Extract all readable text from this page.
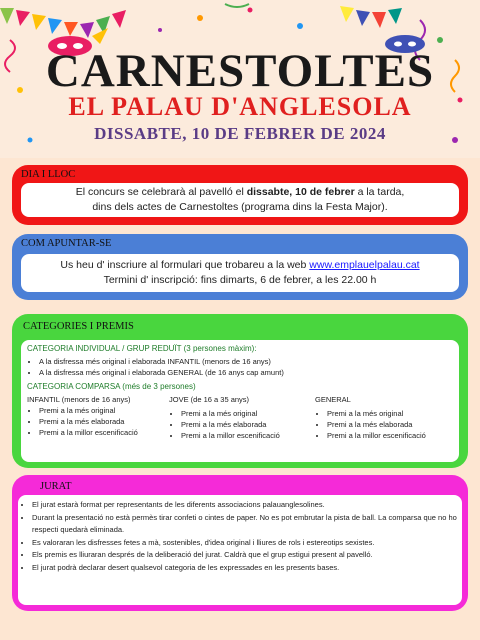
CARNESTOLTES
EL PALAU D'ANGLESOLA
DISSABTE, 10 DE FEBRER DE 2024
DIA I LLOC
El concurs se celebrarà al pavelló el dissabte, 10 de febrer a la tarda,
dins dels actes de Carnestoltes (programa dins la Festa Major).
COM APUNTAR-SE
Us heu d' inscriure al formulari que trobareu a la web www.emplauelpalau.cat
Termini d' inscripció: fins dimarts, 6 de febrer, a les 22.00 h
CATEGORIES I PREMIS
CATEGORIA INDIVIDUAL / GRUP REDUÏT (3 persones màxim):
• A la disfressa més original i elaborada INFANTIL (menors de 16 anys)
• A la disfressa més original i elaborada GENERAL (de 16 anys cap amunt)
CATEGORIA COMPARSA (més de 3 persones)
INFANTIL (menors de 16 anys)
• Premi a la més original
• Premi a la més elaborada
• Premi a la millor escenificació
JOVE (de 16 a 35 anys)
• Premi a la més original
• Premi a la més elaborada
• Premi a la millor escenificació
GENERAL
• Premi a la més original
• Premi a la més elaborada
• Premi a la millor escenificació
JURAT
• El jurat estarà format per representants de les diferents associacions palauanglesolines.
• Durant la presentació no està permès tirar confeti o cintes de paper. No es pot embrutar la pista de ball. La comparsa que no ho respecti quedarà eliminada.
• Es valoraran les disfresses fetes a mà, sostenibles, d'idea original i lliures de rols i estereotips sexistes.
• Els premis es lliuraran després de la deliberació del jurat. Caldrà que el grup estigui present al pavelló.
• El jurat podrà declarar desert qualsevol categoria de les expressades en les presents bases.
